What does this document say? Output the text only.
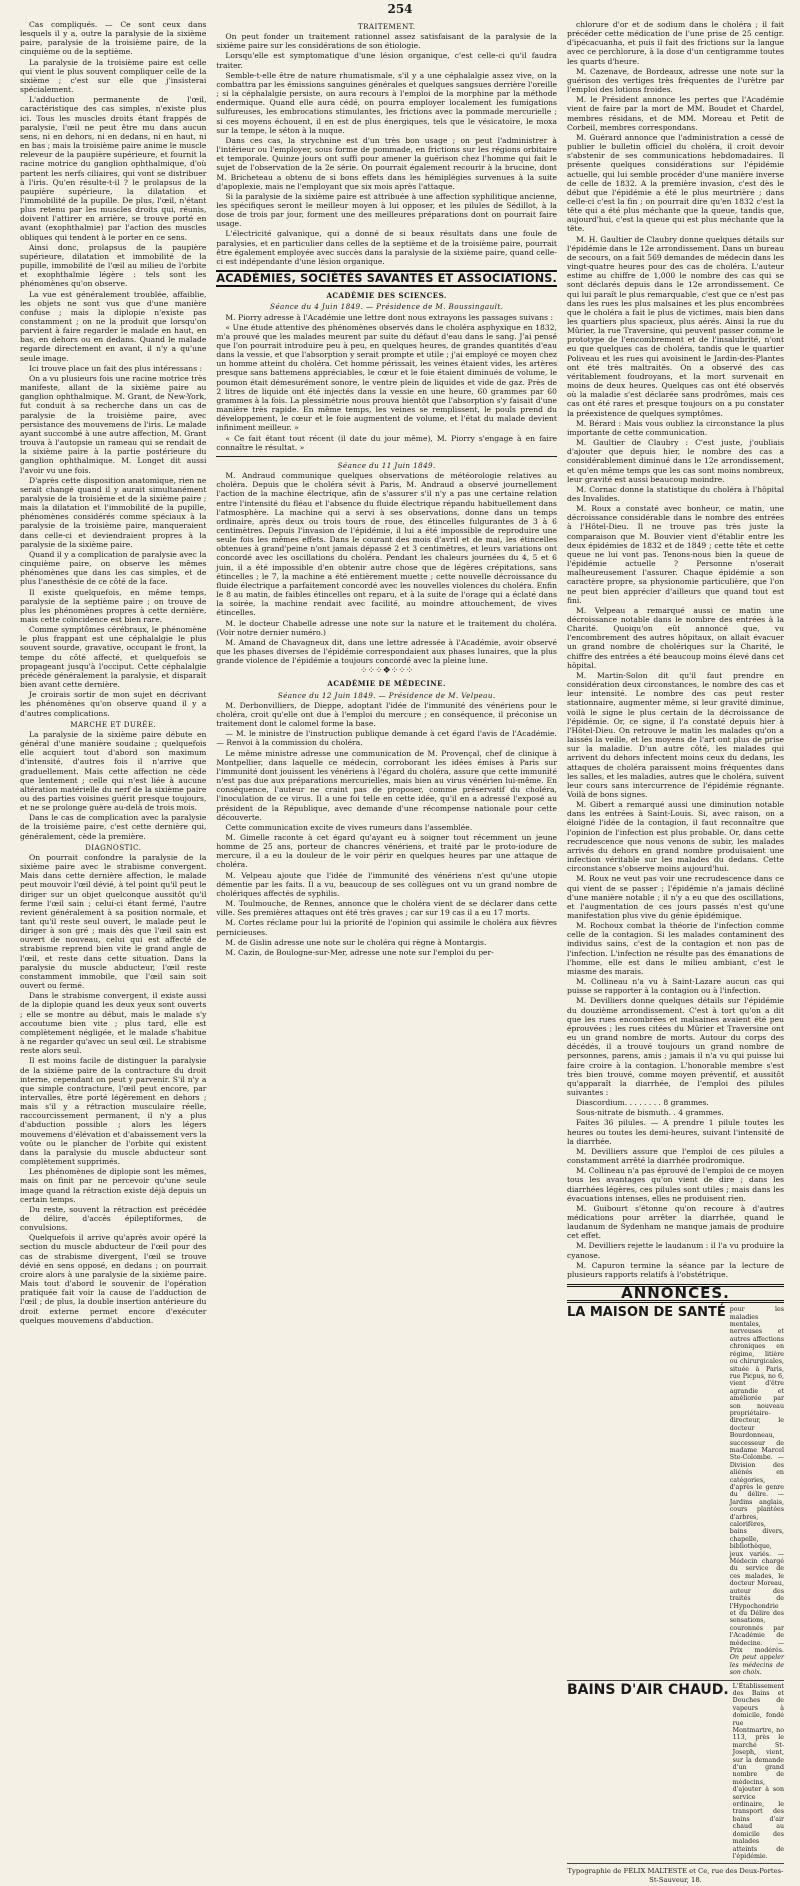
254

Cas compliqués. — Ce sont ceux dans lesquels il y a, outre la paralysie de la sixième paire, paralysie de la troisième paire, de la cinquième ou de la septième.

La paralysie de la troisième paire est celle qui vient le plus souvent compliquer celle de la sixième ; c'est sur elle que j'insisterai spécialement.

L'adduction permanente de l'œil, caractéristique des cas simples, n'existe plus ici. Tous les muscles droits étant frappés de paralysie, l'œil ne peut être mu dans aucun sens, ni en dehors, ni en dedans, ni en haut, ni en bas ; mais la troisième paire anime le muscle releveur de la paupière supérieure, et fournit la racine motrice du ganglion ophthalmique, d'où partent les nerfs ciliaires, qui vont se distribuer à l'iris. Qu'en résulte-t-il ? le prolapsus de la paupière supérieure, la dilatation et l'immobilité de la pupille. De plus, l'œil, n'étant plus retenu par les muscles droits qui, réunis, doivent l'attirer en arrière, se trouve porté en avant (exophthalmie) par l'action des muscles obliques qui tendent à le porter en ce sens.

Ainsi donc, prolapsus de la paupière supérieure, dilatation et immobilité de la pupille, immobilité de l'œil au milieu de l'orbite et exophthalmie légère : tels sont les phénomènes qu'on observe.

La vue est généralement troublée, affaiblie, les objets ne sont vus que d'une manière confuse ; mais la diplopie n'existe pas constamment ; on ne la produit que lorsqu'on parvient à faire regarder le malade en haut, en bas, en dehors ou en dedans. Quand le malade regarde directement en avant, il n'y a qu'une seule image.

Ici trouve place un fait des plus intéressans :

On a vu plusieurs fois une racine motrice très manifeste, allant de la sixième paire au ganglion ophthalmique. M. Grant, de New-York, fut conduit à sa recherche dans un cas de paralysie de la troisième paire, avec persistance des mouvemens de l'iris. Le malade ayant succombé à une autre affection, M. Grant trouva à l'autopsie un rameau qui se rendait de la sixième paire à la partie postérieure du ganglion ophthalmique. M. Longet dit aussi l'avoir vu une fois.

D'après cette disposition anatomique, rien ne serait changé quand il y aurait simultanément paralysie de la troisième et de la sixième paire ; mais la dilatation et l'immobilité de la pupille, phénomènes considérés comme spéciaux à la paralysie de la troisième paire, manqueraient dans celle-ci et deviendraient propres à la paralysie de la sixième paire.

Quand il y a complication de paralysie avec la cinquième paire, on observe les mêmes phénomènes que dans les cas simples, et de plus l'anesthésie de ce côté de la face.

Il existe quelquefois, en même temps, paralysie de la septième paire ; on trouve de plus les phénomènes propres à cette dernière, mais cette coïncidence est bien rare.

Comme symptômes cérébraux, le phénomène le plus frappant est une céphalalgie le plus souvent sourde, gravative, occupant le front, la tempe du côté affecté, et quelquefois se propageant jusqu'à l'occiput. Cette céphalalgie précède généralement la paralysie, et disparaît bien avant cette dernière.

Je croirais sortir de mon sujet en décrivant les phénomènes qu'on observe quand il y a d'autres complications.

MARCHE ET DURÉE.

La paralysie de la sixième paire débute en général d'une manière soudaine ; quelquefois elle acquiert tout d'abord son maximum d'intensité, d'autres fois il n'arrive que graduellement. Mais cette affection ne cède que lentement ; celle qui n'est liée à aucune altération matérielle du nerf de la sixième paire ou des parties voisines guérit presque toujours, et ne se prolonge guère au-delà de trois mois.

Dans le cas de complication avec la paralysie de la troisième paire, c'est cette dernière qui, généralement, cède la première.

DIAGNOSTIC.

On pourrait confondre la paralysie de la sixième paire avec le strabisme convergent. Mais dans cette dernière affection, le malade peut mouvoir l'œil dévié, à tel point qu'il peut le diriger sur un objet quelconque aussitôt qu'il ferme l'œil sain ; celui-ci étant fermé, l'autre revient généralement à sa position normale, et tant qu'il reste seul ouvert, le malade peut le diriger à son gré ; mais dès que l'œil sain est ouvert de nouveau, celui qui est affecté de strabisme reprend bien vite le grand angle de l'œil, et reste dans cette situation. Dans la paralysie du muscle abducteur, l'œil reste constamment immobile, que l'œil sain soit ouvert ou fermé.

Dans le strabisme convergent, il existe aussi de la diplopie quand les deux yeux sont ouverts ; elle se montre au début, mais le malade s'y accoutume bien vite ; plus tard, elle est complètement négligée, et le malade s'habitue à ne regarder qu'avec un seul œil. Le strabisme reste alors seul.

Il est moins facile de distinguer la paralysie de la sixième paire de la contracture du droit interne, cependant on peut y parvenir. S'il n'y a que simple contracture, l'œil peut encore, par intervalles, être porté légèrement en dehors ; mais s'il y a rétraction musculaire réelle, raccourcissement permanent, il n'y a plus d'abduction possible ; alors les légers mouvemens d'élévation et d'abaissement vers la voûte ou le plancher de l'orbite qui existent dans la paralysie du muscle abducteur sont complètement supprimés.

Les phénomènes de diplopie sont les mêmes, mais on finit par ne percevoir qu'une seule image quand la rétraction existe déjà depuis un certain temps.

Du reste, souvent la rétraction est précédée de délire, d'accès épileptiformes, de convulsions.

Quelquefois il arrive qu'après avoir opéré la section du muscle abducteur de l'œil pour des cas de strabisme divergent, l'œil se trouve dévié en sens opposé, en dedans ; on pourrait croire alors à une paralysie de la sixième paire. Mais tout d'abord le souvenir de l'opération pratiquée fait voir la cause de l'adduction de l'œil ; de plus, la double insertion antérieure du droit externe permet encore d'exécuter quelques mouvemens d'abduction.

TRAITEMENT.

On peut fonder un traitement rationnel assez satisfaisant de la paralysie de la sixième paire sur les considérations de son étiologie.

Lorsqu'elle est symptomatique d'une lésion organique, c'est celle-ci qu'il faudra traiter.

Semble-t-elle être de nature rhumatismale, s'il y a une céphalalgie assez vive, on la combattra par les émissions sanguines générales et quelques sangsues derrière l'oreille ; si la céphalalgie persiste, on aura recours à l'emploi de la morphine par la méthode endermique. Quand elle aura cédé, on pourra employer localement les fumigations sulfureuses, les embrocations stimulantes, les frictions avec la pommade mercurielle ; si ces moyens échouent, il en est de plus énergiques, tels que le vésicatoire, le moxa sur la tempe, le séton à la nuque.

Dans ces cas, la strychnine est d'un très bon usage ; on peut l'administrer à l'intérieur ou l'employer, sous forme de pommade, en frictions sur les régions orbitaire et temporale. Quinze jours ont suffi pour amener la guérison chez l'homme qui fait le sujet de l'observation de la 2e série. On pourrait également recourir à la brucine, dont M. Bricheteau a obtenu de si bons effets dans les hémiplégies survenues à la suite d'apoplexie, mais ne l'employant que six mois après l'attaque.

Si la paralysie de la sixième paire est attribuée à une affection syphilitique ancienne, les spécifiques seront le meilleur moyen à lui opposer, et les pilules de Sédillot, à la dose de trois par jour, forment une des meilleures préparations dont on pourrait faire usage.

L'électricité galvanique, qui a donné de si beaux résultats dans une foule de paralysies, et en particulier dans celles de la septième et de la troisième paire, pourrait être également employée avec succès dans la paralysie de la sixième paire, quand celle-ci est indépendante d'une lésion organique.

ACADÉMIES, SOCIÉTÉS SAVANTES ET ASSOCIATIONS.
ACADÉMIE DES SCIENCES.
Séance du 4 Juin 1849. — Présidence de M. Boussingault.

M. Piorry adresse à l'Académie une lettre dont nous extrayons les passages suivans :

« Une étude attentive des phénomènes observés dans le choléra asphyxique en 1832, m'a prouvé que les malades meurent par suite du défaut d'eau dans le sang. J'ai pensé que l'on pourrait introduire peu à peu, en quelques heures, de grandes quantités d'eau dans la vessie, et que l'absorption y serait prompte et utile ; j'ai employé ce moyen chez un homme atteint du choléra. Cet homme périssait, les veines étaient vides, les artères presque sans battemens appréciables, le cœur et le foie étaient diminués de volume, le poumon était démesurément sonore, le ventre plein de liquides et vide de gaz. Près de 2 litres de liquide ont été injectés dans la vessie en une heure, 60 grammes par 60 grammes à la fois. La plessimétrie nous prouva bientôt que l'absorption s'y faisait d'une manière très rapide. En même temps, les veines se remplissent, le pouls prend du développement, le cœur et le foie augmentent de volume, et l'état du malade devient infiniment meilleur. »

« Ce fait étant tout récent (il date du jour même), M. Piorry s'engage à en faire connaître le résultat. »

Séance du 11 Juin 1849.

M. Andraud communique quelques observations de météorologie relatives au choléra. Depuis que le choléra sévit à Paris, M. Andraud a observé journellement l'action de la machine électrique, afin de s'assurer s'il n'y a pas une certaine relation entre l'intensité du fléau et l'absence du fluide électrique répandu habituellement dans l'atmosphère. La machine qui a servi à ses observations, donne dans un temps ordinaire, après deux ou trois tours de roue, des étincelles fulgurantes de 3 à 6 centimètres. Depuis l'invasion de l'épidémie, il lui a été impossible de reproduire une seule fois les mêmes effets. Dans le courant des mois d'avril et de mai, les étincelles obtenues à grand'peine n'ont jamais dépassé 2 et 3 centimètres, et leurs variations ont concordé avec les oscillations du choléra. Pendant les chaleurs journées du 4, 5 et 6 juin, il a été impossible d'en obtenir autre chose que de légères crépitations, sans étincelles ; le 7, la machine a été entièrement muette ; cette nouvelle décroissance du fluide électrique a parfaitement concordé avec les nouvelles violences du choléra. Enfin le 8 au matin, de faibles étincelles ont reparu, et à la suite de l'orage qui a éclaté dans la soirée, la machine rendait avec facilité, au moindre attouchement, de vives étincelles.

M. le docteur Chabelle adresse une note sur la nature et le traitement du choléra. (Voir notre dernier numéro.)

M. Amand de Chavagneux dit, dans une lettre adressée à l'Académie, avoir observé que les phases diverses de l'épidémie correspondaient aux phases lunaires, que la plus grande violence de l'épidémie a toujours concordé avec la pleine lune.

⁘⁘⁘❖⁘⁘⁘
ACADÉMIE DE MÉDECINE.
Séance du 12 Juin 1849. — Présidence de M. Velpeau.

M. Derbonvilliers, de Dieppe, adoptant l'idée de l'immunité des vénériens pour le choléra, croit qu'elle ont due à l'emploi du mercure ; en conséquence, il préconise un traitement dont le calomel forme la base.

— M. le ministre de l'instruction publique demande à cet égard l'avis de l'Académie. — Renvoi à la commission du choléra.

Le même ministre adresse une communication de M. Provençal, chef de clinique à Montpellier, dans laquelle ce médecin, corroborant les idées émises à Paris sur l'immunité dont jouissent les vénériens à l'égard du choléra, assure que cette immunité n'est pas due aux préparations mercurielles, mais bien au virus vénérien lui-même. En conséquence, l'auteur ne craint pas de proposer, comme préservatif du choléra, l'inoculation de ce virus. Il a une foi telle en cette idée, qu'il en a adressé l'exposé au président de la République, avec demande d'une récompense nationale pour cette découverte.

Cette communication excite de vives rumeurs dans l'assemblée.

M. Gimelle raconte à cet égard qu'ayant eu à soigner tout récemment un jeune homme de 25 ans, porteur de chancres vénériens, et traité par le proto-iodure de mercure, il a eu la douleur de le voir périr en quelques heures par une attaque de choléra.

M. Velpeau ajoute que l'idée de l'immunité des vénériens n'est qu'une utopie démentie par les faits. Il a vu, beaucoup de ses collègues ont vu un grand nombre de cholériques affectés de syphilis.

M. Toulmouche, de Rennes, annonce que le choléra vient de se déclarer dans cette ville. Ses premières attaques ont été très graves ; car sur 19 cas il a eu 17 morts.

M. Cortes réclame pour lui la priorité de l'opinion qui assimile le choléra aux fièvres pernicieuses.

M. de Gislin adresse une note sur le choléra qui règne à Montargis.

M. Cazin, de Boulogne-sur-Mer, adresse une note sur l'emploi du per-

chlorure d'or et de sodium dans le choléra ; il fait précéder cette médication de l'une prise de 25 centigr. d'ipécacuanha, et puis il fait des frictions sur la langue avec ce perchlorure, à la dose d'un centigramme toutes les quarts d'heure.

M. Cazenave, de Bordeaux, adresse une note sur la guérison des vertiges très fréquentes de l'urètre par l'emploi des lotions froides.

M. le Président annonce les pertes que l'Académie vient de faire par la mort de MM. Boudet et Chardel, membres résidans, et de MM. Moreau et Petit de Corbeil, membres correspondans.

M. Guérard annonce que l'administration a cessé de publier le bulletin officiel du choléra, il croit devoir s'abstenir de ses communications hebdomadaires. Il présente quelques considérations sur l'épidémie actuelle, qui lui semble procéder d'une manière inverse de celle de 1832. A la première invasion, c'est dès le début que l'épidémie a été le plus meurtrière ; dans celle-ci c'est la fin ; on pourrait dire qu'en 1832 c'est la tête qui a été plus méchante que la queue, tandis que, aujourd'hui, c'est la queue qui est plus méchante que la tête.

M. H. Gaultier de Claubry donne quelques détails sur l'épidémie dans le 12e arrondissement. Dans un bureau de secours, on a fait 569 demandes de médecin dans les vingt-quatre heures pour des cas de choléra. L'auteur estime au chiffre de 1,000 le nombre des cas qui se sont déclarés depuis dans le 12e arrondissement. Ce qui lui paraît le plus remarquable, c'est que ce n'est pas dans les rues les plus malsaines et les plus encombrées que le choléra a fait le plus de victimes, mais bien dans les quartiers plus spacieux, plus aérés. Ainsi la rue du Mûrier, la rue Traversine, qui peuvent passer comme le prototype de l'encombrement et de l'insalubrité, n'ont eu que quelques cas de choléra, tandis que le quartier Poliveau et les rues qui avoisinent le Jardin-des-Plantes ont été très maltraités. On a observé des cas véritablement foudroyans, et la mort survenait en moins de deux heures. Quelques cas ont été observés où la maladie s'est déclarée sans prodrômes, mais ces cas ont été rares et presque toujours on a pu constater la préexistence de quelques symptômes.

M. Bérard : Mais vous oubliez la circonstance la plus importante de cette communication.

M. Gaultier de Claubry : C'est juste, j'oubliais d'ajouter que depuis hier, le nombre des cas a considérablement diminué dans le 12e arrondissement, et qu'en même temps que les cas sont moins nombreux, leur gravité est aussi beaucoup moindre.

M. Cornac donne la statistique du choléra à l'hôpital des Invalides.

M. Roux a constaté avec bonheur, ce matin, une décroissance considérable dans le nombre des entrées à l'Hôtel-Dieu. Il ne trouve pas très juste la comparaison que M. Bouvier vient d'établir entre les deux épidémies de 1832 et de 1849 ; cette tête et cette queue ne lui vont pas. Tenons-nous bien la queue de l'épidémie actuelle ? Personne n'oserait malheureusement l'assurer. Chaque épidémie a son caractère propre, sa physionomie particulière, que l'on ne peut bien apprécier d'ailleurs que quand tout est fini.

M. Velpeau a remarqué aussi ce matin une décroissance notable dans le nombre des entrées à la Charité. Quoiqu'on eût annoncé que, vu l'encombrement des autres hôpitaux, on allait évacuer un grand nombre de cholériques sur la Charité, le chiffre des entrées a été beaucoup moins élevé dans cet hôpital.

M. Martin-Solon dit qu'il faut prendre en considération deux circonstances, le nombre des cas et leur intensité. Le nombre des cas peut rester stationnaire, augmenter même, si leur gravité diminue, voilà le signe le plus certain de la décroissance de l'épidémie. Or, ce signe, il l'a constaté depuis hier à l'Hôtel-Dieu. On retrouve le matin les malades qu'on a laissés la veille, et les moyens de l'art ont plus de prise sur la maladie. D'un autre côté, les malades qui arrivent du dehors infectent moins ceux du dedans, les attaques de choléra paraissent moins fréquentes dans les salles, et les maladies, autres que le choléra, suivent leur cours sans intercurrence de l'épidémie régnante. Voilà de bons signes.

M. Gibert a remarqué aussi une diminution notable dans les entrées à Saint-Louis. Si, avec raison, on a éloigné l'idée de la contagion, il faut reconnaître que l'opinion de l'infection est plus probable. Or, dans cette recrudescence que nous venons de subir, les malades arrivés du dehors en grand nombre produisaient une infection véritable sur les malades du dedans. Cette circonstance s'observe moins aujourd'hui.

M. Roux ne veut pas voir une recrudescence dans ce qui vient de se passer ; l'épidémie n'a jamais décliné d'une manière notable ; il n'y a eu que des oscillations, et l'augmentation de ces jours passés n'est qu'une manifestation plus vive du génie épidémique.

M. Rochoux combat la théorie de l'infection comme celle de la contagion. Si les malades contaminent des individus sains, c'est de la contagion et non pas de l'infection. L'infection ne résulte pas des émanations de l'homme, elle est dans le milieu ambiant, c'est le miasme des marais.

M. Collineau n'a vu à Saint-Lazare aucun cas qui puisse se rapporter à la contagion ou à l'infection.

M. Devilliers donne quelques détails sur l'épidémie du douzième arrondissement. C'est à tort qu'on a dit que les rues encombrées et malsaines avaient été peu éprouvées ; les rues citées du Mûrier et Traversine ont eu un grand nombre de morts. Autour du corps des décédés, il a trouvé toujours un grand nombre de personnes, parens, amis ; jamais il n'a vu qui puisse lui faire croire à la contagion. L'honorable membre s'est très bien trouvé, comme moyen préventif, et aussitôt qu'apparaît la diarrhée, de l'emploi des pilules suivantes :

Diascordium. . . . . . . . 8 grammes.

Sous-nitrate de bismuth. . 4 grammes.

Faites 36 pilules. — A prendre 1 pilule toutes les heures ou toutes les demi-heures, suivant l'intensité de la diarrhée.

M. Devilliers assure que l'emploi de ces pilules a constamment arrêté la diarrhée prodromique.

M. Collineau n'a pas éprouvé de l'emploi de ce moyen tous les avantages qu'on vient de dire ; dans les diarrhées légères, ces pilules sont utiles ; mais dans les évacuations intenses, elles ne produisent rien.

M. Guibourt s'étonne qu'on recoure à d'autres médications pour arrêter la diarrhée, quand le laudanum de Sydenham ne manque jamais de produire cet effet.

M. Devilliers rejette le laudanum : il l'a vu produire la cyanose.

M. Capuron termine la séance par la lecture de plusieurs rapports relatifs à l'obstétrique.

ANNONCES.
LA MAISON DE SANTÉ pour les maladies mentales, nerveuses et autres affections chroniques en régime, litière ou chirurgicales, située à Paris, rue Picpus, no 6, vient d'être agrandie et améliorée par son nouveau propriétaire-directeur, le docteur Bourdonneau, successeur de madame Marcel Ste-Colombe. — Division des aliénés en catégories, d'après le genre du délire. — Jardins anglais, cours plantées d'arbres, calorifères, bains divers, chapelle, bibliothèque, jeux variés. — Médecin chargé du service de ces malades, le docteur Moreau, auteur des traités de l'Hypochondrie et du Délire des sensations, couronnés par l'Académie de médecine. — Prix modérés. On peut appeler les médecins de son choix.
BAINS D'AIR CHAUD. L'Établissement des Bains et Douches de vapeurs à domicile, fondé rue Montmartre, no 113, près le marché St-Joseph, vient, sur la demande d'un grand nombre de médecins, d'ajouter à son service ordinaire, le transport des bains d'air chaud au domicile des malades atteints de l'épidémie.
Typographie de FÉLIX MALTESTE et Ce, rue des Deux-Portes-St-Sauveur, 18.
